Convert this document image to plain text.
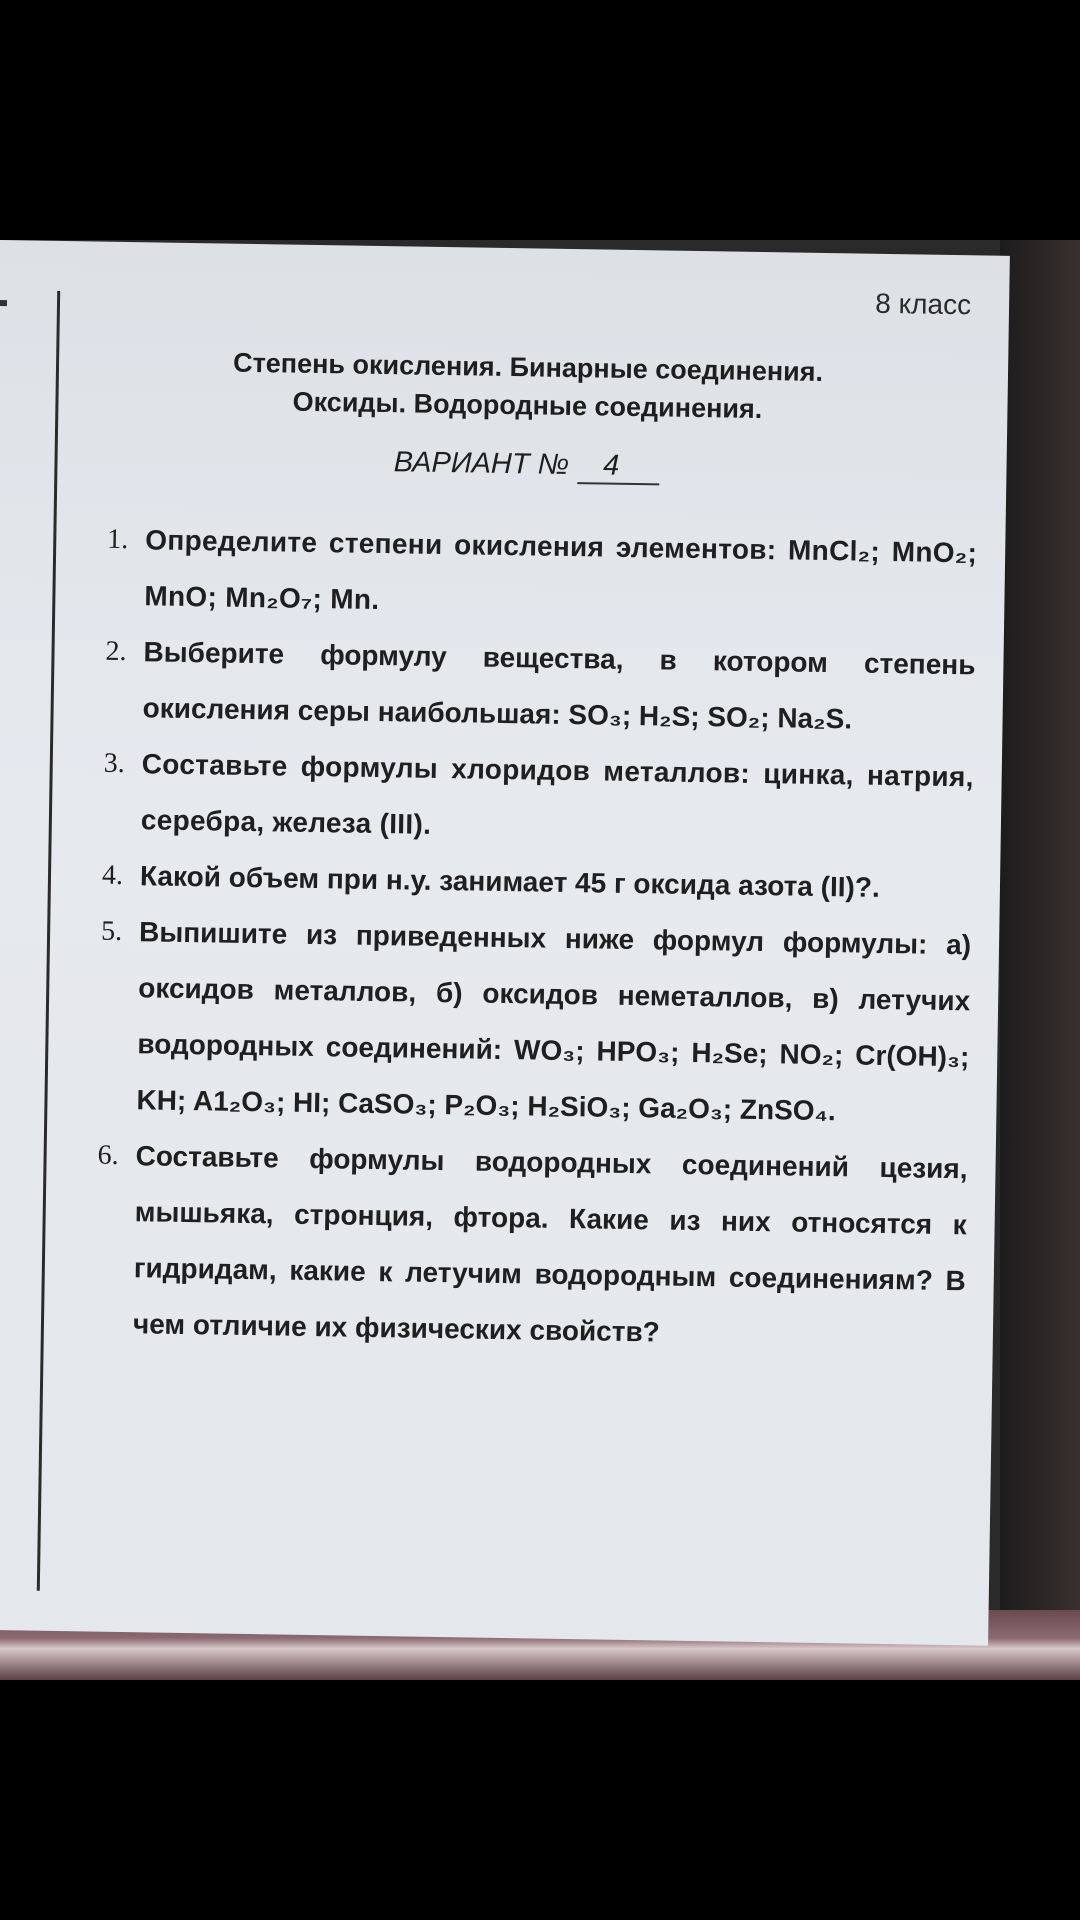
8 класс
Степень окисления. Бинарные соединения.
Оксиды. Водородные соединения.
ВАРИАНТ № 4
1. Определите степени окисления элементов: MnCl₂; MnO₂; MnO; Mn₂O₇; Mn.
2. Выберите формулу вещества, в котором степень окисления серы наибольшая: SO₃; H₂S; SO₂; Na₂S.
3. Составьте формулы хлоридов металлов: цинка, натрия, серебра, железа (III).
4. Какой объем при н.у. занимает 45 г оксида азота (II)?.
5. Выпишите из приведенных ниже формул формулы: а) оксидов металлов, б) оксидов неметаллов, в) летучих водородных соединений: WO₃; HPO₃; H₂Se; NO₂; Cr(OH)₃; KH; A1₂O₃; HI; CaSO₃; P₂O₃; H₂SiO₃; Ga₂O₃; ZnSO₄.
6. Составьте формулы водородных соединений цезия, мышьяка, стронция, фтора. Какие из них относятся к гидридам, какие к летучим водородным соединениям? В чем отличие их физических свойств?
